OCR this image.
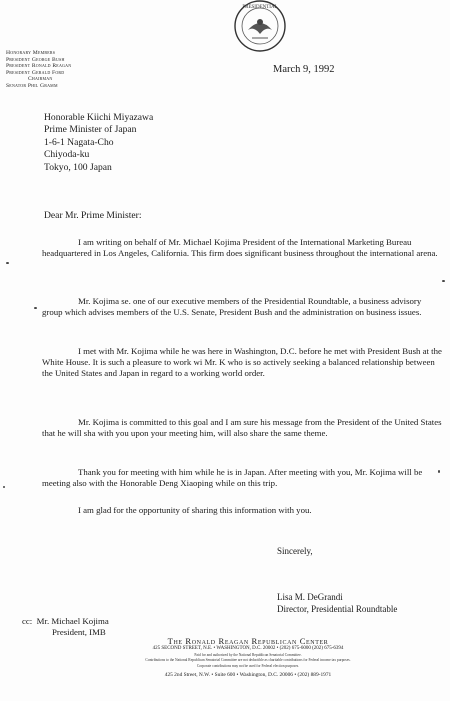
PRESIDENTIAL
Honorary Members
President George Bush
President Ronald Reagan
President Gerald Ford
Chairman
Senator Phil Gramm
March 9, 1992
Honorable Kiichi Miyazawa
Prime Minister of Japan
1-6-1 Nagata-Cho
Chiyoda-ku
Tokyo, 100 Japan
Dear Mr. Prime Minister:
I am writing on behalf of Mr. Michael Kojima President of the International Marketing Bureau headquartered in Los Angeles, California. This firm does significant business throughout the international arena.
Mr. Kojima se. one of our executive members of the Presidential Roundtable, a business advisory group which advises members of the U.S. Senate, President Bush and the administration on business issues.
I met with Mr. Kojima while he was here in Washington, D.C. before he met with President Bush at the White House. It is such a pleasure to work wi Mr. K who is so actively seeking a balanced relationship between the United States and Japan in regard to a working world order.
Mr. Kojima is committed to this goal and I am sure his message from the President of the United States that he will sha with you upon your meeting him, will also share the same theme.
Thank you for meeting with him while he is in Japan. After meeting with you, Mr. Kojima will be meeting also with the Honorable Deng Xiaoping while on this trip.
I am glad for the opportunity of sharing this information with you.
Sincerely,
Lisa M. DeGrandi
Director, Presidential Roundtable
cc: Mr. Michael Kojima
President, IMB
The Ronald Reagan Republican Center
425 SECOND STREET, N.E. • WASHINGTON, D.C. 20002 • (202) 675-6000 (202) 675-6394
Paid for and authorized by the National Republican Senatorial Committee.
Contributions to the National Republican Senatorial Committee are not deductible as charitable contributions for Federal income tax purposes.
Corporate contributions may not be used for Federal election purposes.
425 2nd Street, N.W. • Suite 600 • Washington, D.C. 20006 • (202) 889-1971
